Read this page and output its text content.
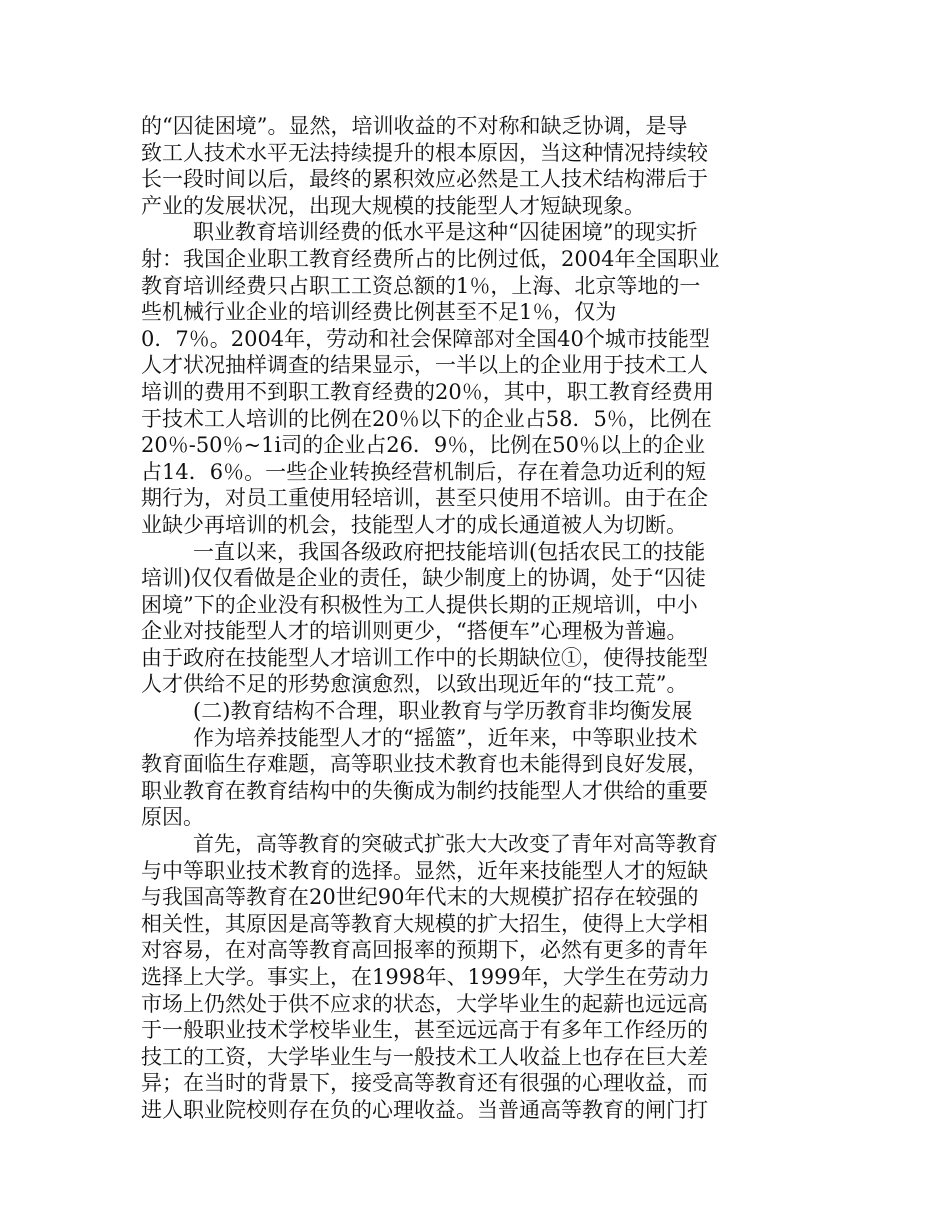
的“囚徒困境”。显然，培训收益的不对称和缺乏协调，是导
致工人技术水平无法持续提升的根本原因，当这种情况持续较
长一段时间以后，最终的累积效应必然是工人技术结构滞后于
产业的发展状况，出现大规模的技能型人才短缺现象。
职业教育培训经费的低水平是这种“囚徒困境”的现实折
射：我国企业职工教育经费所占的比例过低，2004年全国职业
教育培训经费只占职工工资总额的1％，上海、北京等地的一
些机械行业企业的培训经费比例甚至不足1％，仅为
0．7％。2004年，劳动和社会保障部对全国40个城市技能型
人才状况抽样调查的结果显示，一半以上的企业用于技术工人
培训的费用不到职工教育经费的20％，其中，职工教育经费用
于技术工人培训的比例在20％以下的企业占58．5％，比例在
20％-50％~1i司的企业占26．9％，比例在50％以上的企业
占14．6％。一些企业转换经营机制后，存在着急功近利的短
期行为，对员工重使用轻培训，甚至只使用不培训。由于在企
业缺少再培训的机会，技能型人才的成长通道被人为切断。
一直以来，我国各级政府把技能培训(包括农民工的技能
培训)仅仅看做是企业的责任，缺少制度上的协调，处于“囚徒
困境”下的企业没有积极性为工人提供长期的正规培训，中小
企业对技能型人才的培训则更少，“搭便车”心理极为普遍。
由于政府在技能型人才培训工作中的长期缺位①，使得技能型
人才供给不足的形势愈演愈烈，以致出现近年的“技工荒”。
(二)教育结构不合理，职业教育与学历教育非均衡发展
作为培养技能型人才的“摇篮”，近年来，中等职业技术
教育面临生存难题，高等职业技术教育也未能得到良好发展，
职业教育在教育结构中的失衡成为制约技能型人才供给的重要
原因。
首先，高等教育的突破式扩张大大改变了青年对高等教育
与中等职业技术教育的选择。显然，近年来技能型人才的短缺
与我国高等教育在20世纪90年代末的大规模扩招存在较强的
相关性，其原因是高等教育大规模的扩大招生，使得上大学相
对容易，在对高等教育高回报率的预期下，必然有更多的青年
选择上大学。事实上，在1998年、1999年，大学生在劳动力
市场上仍然处于供不应求的状态，大学毕业生的起薪也远远高
于一般职业技术学校毕业生，甚至远远高于有多年工作经历的
技工的工资，大学毕业生与一般技术工人收益上也存在巨大差
异；在当时的背景下，接受高等教育还有很强的心理收益，而
进人职业院校则存在负的心理收益。当普通高等教育的闸门打
